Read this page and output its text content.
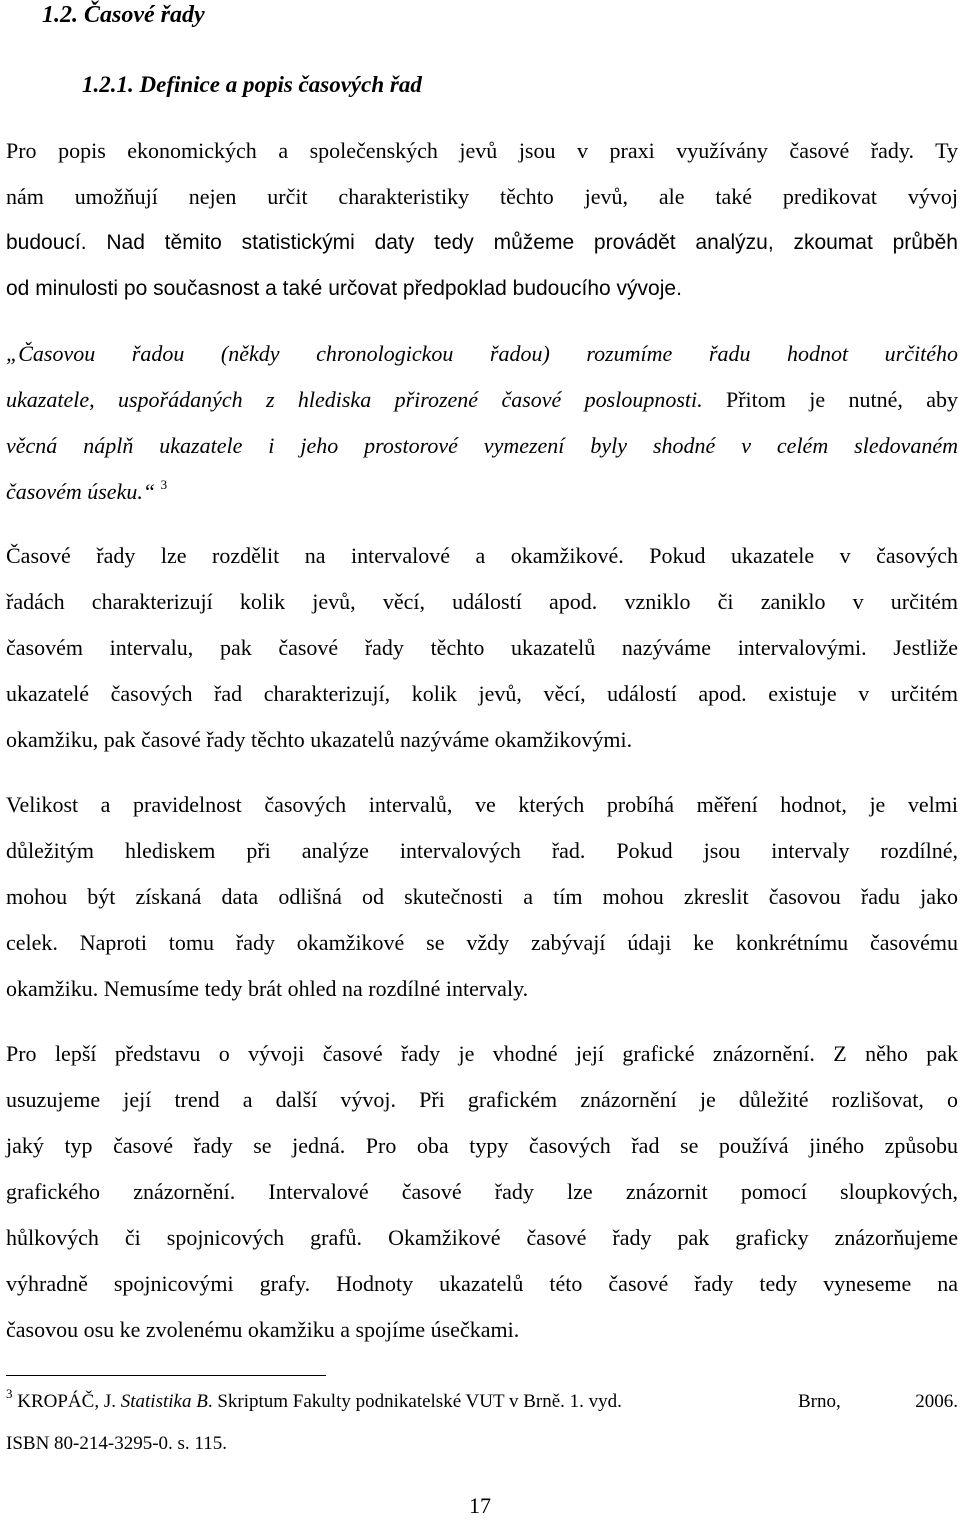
1.2. Časové řady
1.2.1. Definice a popis časových řad
Pro popis ekonomických a společenských jevů jsou v praxi využívány časové řady. Ty
nám umožňují nejen určit charakteristiky těchto jevů, ale také predikovat vývoj
budoucí. Nad těmito statistickými daty tedy můžeme provádět analýzu, zkoumat průběh
od minulosti po současnost a také určovat předpoklad budoucího vývoje.
„Časovou řadou (někdy chronologickou řadou) rozumíme řadu hodnot určitého
ukazatele, uspořádaných z hlediska přirozené časové posloupnosti. Přitom je nutné, aby
věcná náplň ukazatele i jeho prostorové vymezení byly shodné v celém sledovaném
časovém úseku.“ $^3$
Časové řady lze rozdělit na intervalové a okamžikové. Pokud ukazatele v časových
řadách charakterizují kolik jevů, věcí, událostí apod. vzniklo či zaniklo v určitém
časovém intervalu, pak časové řady těchto ukazatelů nazýváme intervalovými. Jestliže
ukazatelé časových řad charakterizují, kolik jevů, věcí, událostí apod. existuje v určitém
okamžiku, pak časové řady těchto ukazatelů nazýváme okamžikovými.
Velikost a pravidelnost časových intervalů, ve kterých probíhá měření hodnot, je velmi
důležitým hlediskem při analýze intervalových řad. Pokud jsou intervaly rozdílné,
mohou být získaná data odlišná od skutečnosti a tím mohou zkreslit časovou řadu jako
celek. Naproti tomu řady okamžikové se vždy zabývají údaji ke konkrétnímu časovému
okamžiku. Nemusíme tedy brát ohled na rozdílné intervaly.
Pro lepší představu o vývoji časové řady je vhodné její grafické znázornění. Z něho pak
usuzujeme její trend a další vývoj. Při grafickém znázornění je důležité rozlišovat, o
jaký typ časové řady se jedná. Pro oba typy časových řad se používá jiného způsobu
grafického znázornění. Intervalové časové řady lze znázornit pomocí sloupkových,
hůlkových či spojnicových grafů. Okamžikové časové řady pak graficky znázorňujeme
výhradně spojnicovými grafy. Hodnoty ukazatelů této časové řady tedy vyneseme na
časovou osu ke zvolenému okamžiku a spojíme úsečkami.
$^3$ KROPÁČ, J. Statistika B. Skriptum Fakulty podnikatelské VUT v Brně. 1. vyd.	Brno,	2006.
ISBN 80-214-3295-0. s. 115.
17
